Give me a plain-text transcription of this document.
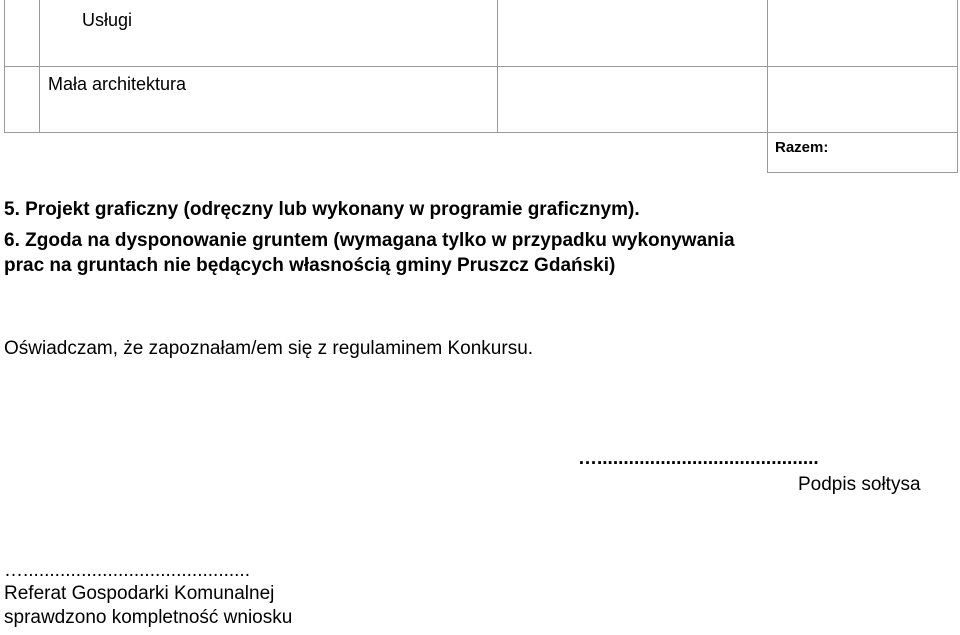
Usługi
Mała architektura
Razem:
5. Projekt graficzny (odręczny lub wykonany w programie graficznym).
6. Zgoda na dysponowanie gruntem (wymagana tylko w przypadku wykonywania
prac na gruntach nie będących własnością gminy Pruszcz Gdański)
Oświadczam, że zapoznałam/em się z regulaminem Konkursu.
…..........................................
Podpis sołtysa
…...........................................
Referat Gospodarki Komunalnej
sprawdzono kompletność wniosku
